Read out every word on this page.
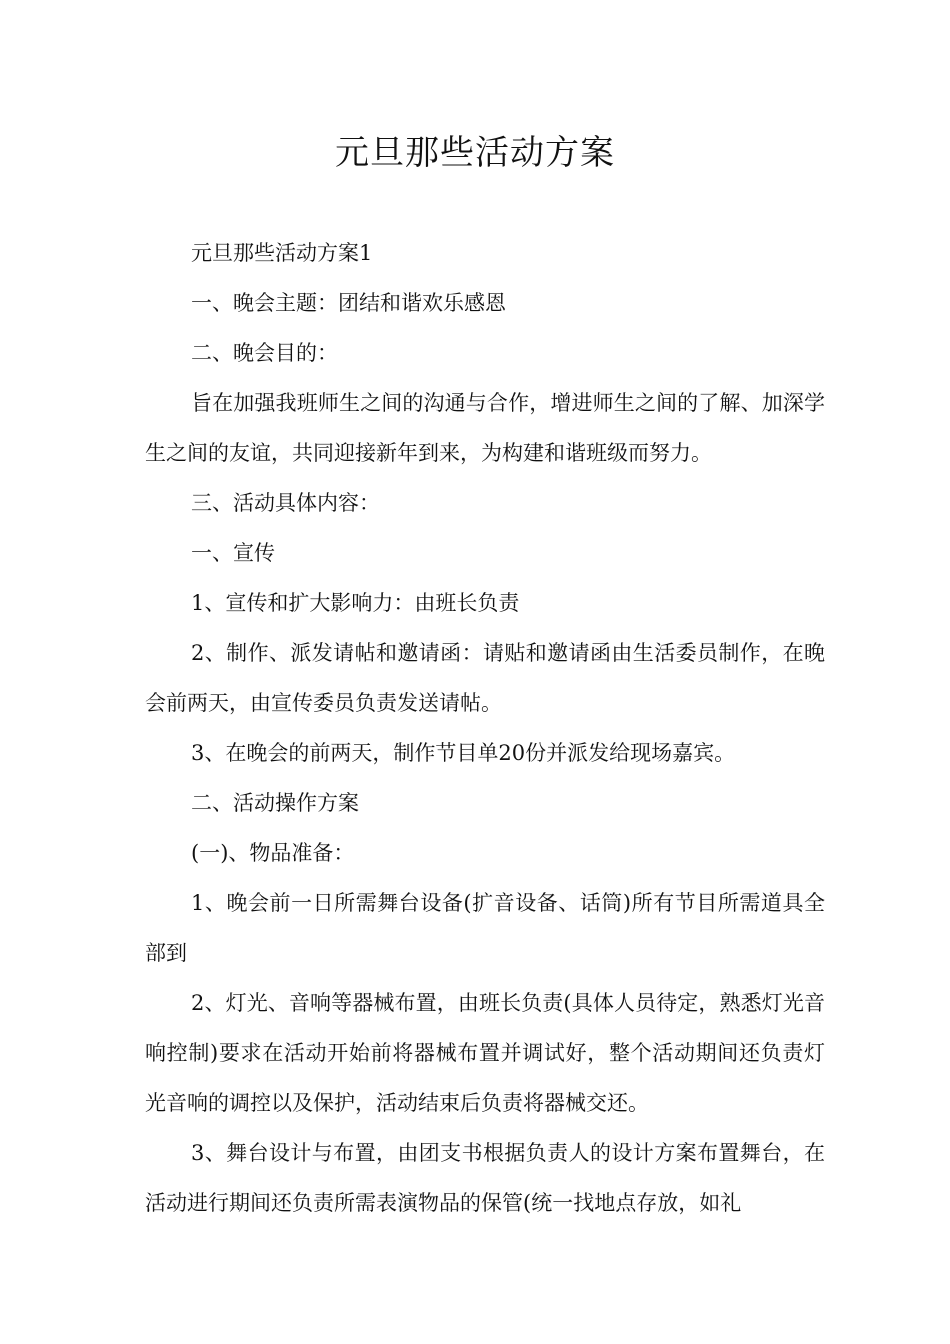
元旦那些活动方案

元旦那些活动方案1

一、晚会主题：团结和谐欢乐感恩

二、晚会目的：

旨在加强我班师生之间的沟通与合作，增进师生之间的了解、加深学生之间的友谊，共同迎接新年到来，为构建和谐班级而努力。

三、活动具体内容：

一、宣传

1、宣传和扩大影响力：由班长负责

2、制作、派发请帖和邀请函：请贴和邀请函由生活委员制作，在晚会前两天，由宣传委员负责发送请帖。

3、在晚会的前两天，制作节目单20份并派发给现场嘉宾。

二、活动操作方案

(一)、物品准备：

1、晚会前一日所需舞台设备(扩音设备、话筒)所有节目所需道具全部到

2、灯光、音响等器械布置，由班长负责(具体人员待定，熟悉灯光音响控制)要求在活动开始前将器械布置并调试好，整个活动期间还负责灯光音响的调控以及保护，活动结束后负责将器械交还。

3、舞台设计与布置，由团支书根据负责人的设计方案布置舞台，在活动进行期间还负责所需表演物品的保管(统一找地点存放，如礼
